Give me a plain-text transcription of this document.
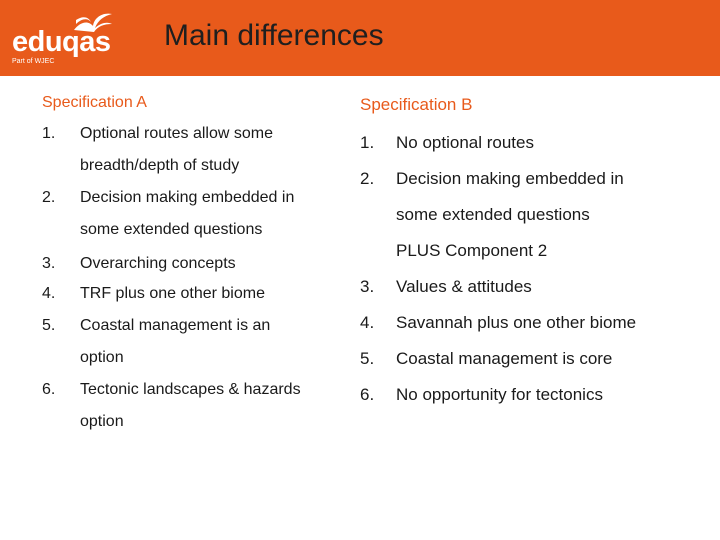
eduqas
Part of WJEC
Main differences
Specification A	Specification B
1. Optional routes allow some
breadth/depth of study
2. Decision making embedded in
some extended questions
3. Overarching concepts
4. TRF plus one other biome
5. Coastal management is an
option
6. Tectonic landscapes & hazards
option
1. No optional routes
2. Decision making embedded in
some extended questions
PLUS Component 2
3. Values & attitudes
4. Savannah plus one other biome
5. Coastal management is core
6. No opportunity for tectonics
